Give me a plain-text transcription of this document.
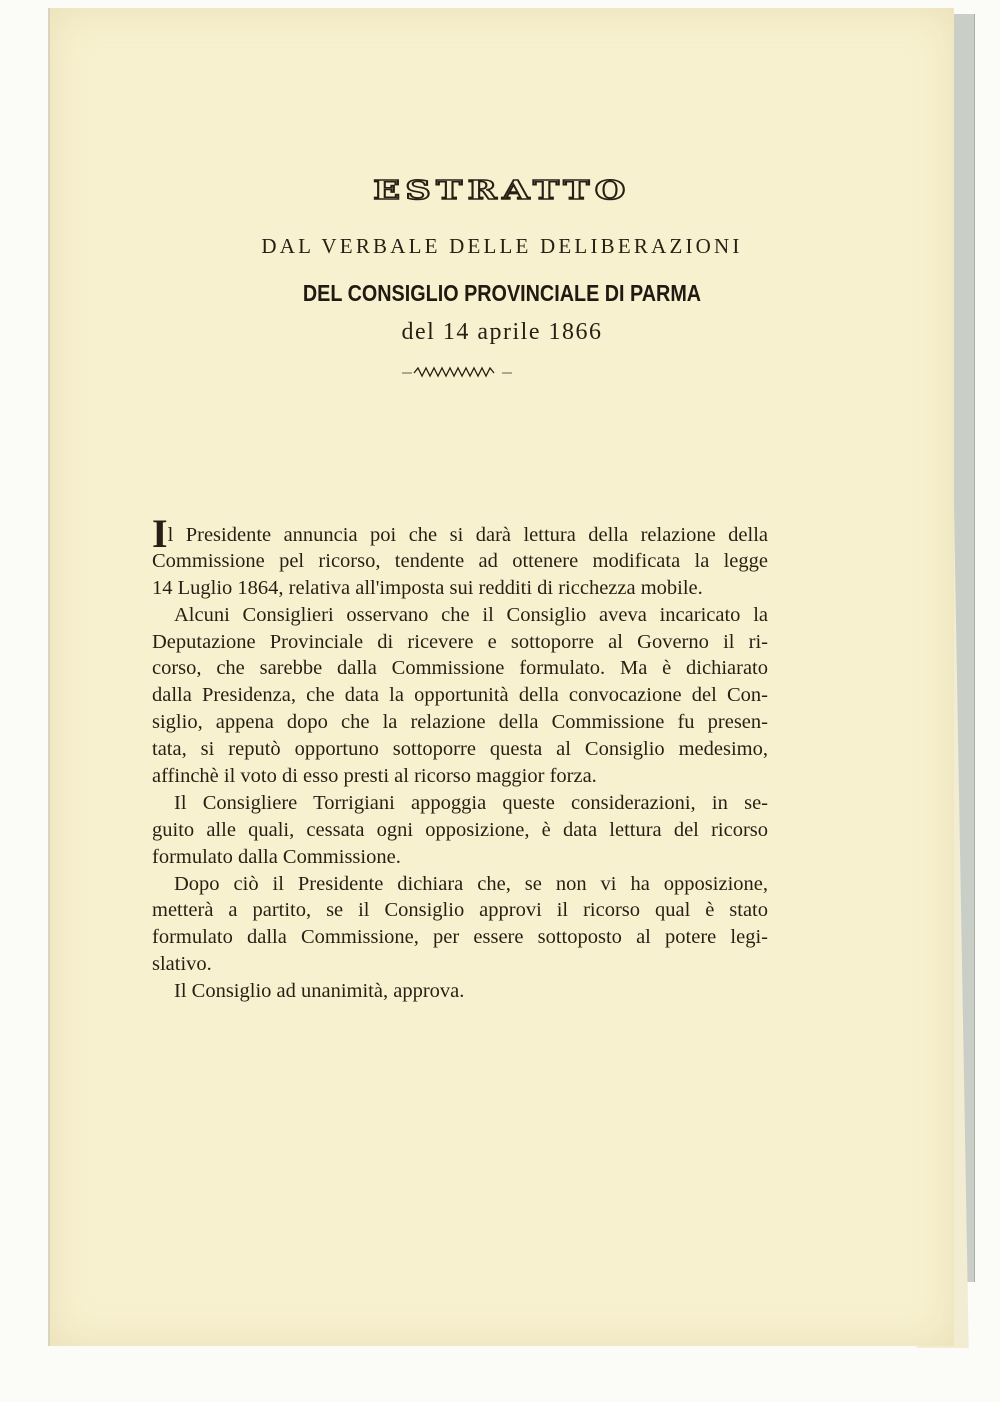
ESTRATTO
DAL VERBALE DELLE DELIBERAZIONI
DEL CONSIGLIO PROVINCIALE DI PARMA
del 14 aprile 1866
Il Presidente annuncia poi che si darà lettura della relazione della
Commissione pel ricorso, tendente ad ottenere modificata la legge
14 Luglio 1864, relativa all'imposta sui redditi di ricchezza mobile.
Alcuni Consiglieri osservano che il Consiglio aveva incaricato la
Deputazione Provinciale di ricevere e sottoporre al Governo il ri-
corso, che sarebbe dalla Commissione formulato. Ma è dichiarato
dalla Presidenza, che data la opportunità della convocazione del Con-
siglio, appena dopo che la relazione della Commissione fu presen-
tata, si reputò opportuno sottoporre questa al Consiglio medesimo,
affinchè il voto di esso presti al ricorso maggior forza.
Il Consigliere Torrigiani appoggia queste considerazioni, in se-
guito alle quali, cessata ogni opposizione, è data lettura del ricorso
formulato dalla Commissione.
Dopo ciò il Presidente dichiara che, se non vi ha opposizione,
metterà a partito, se il Consiglio approvi il ricorso qual è stato
formulato dalla Commissione, per essere sottoposto al potere legi-
slativo.
Il Consiglio ad unanimità, approva.
